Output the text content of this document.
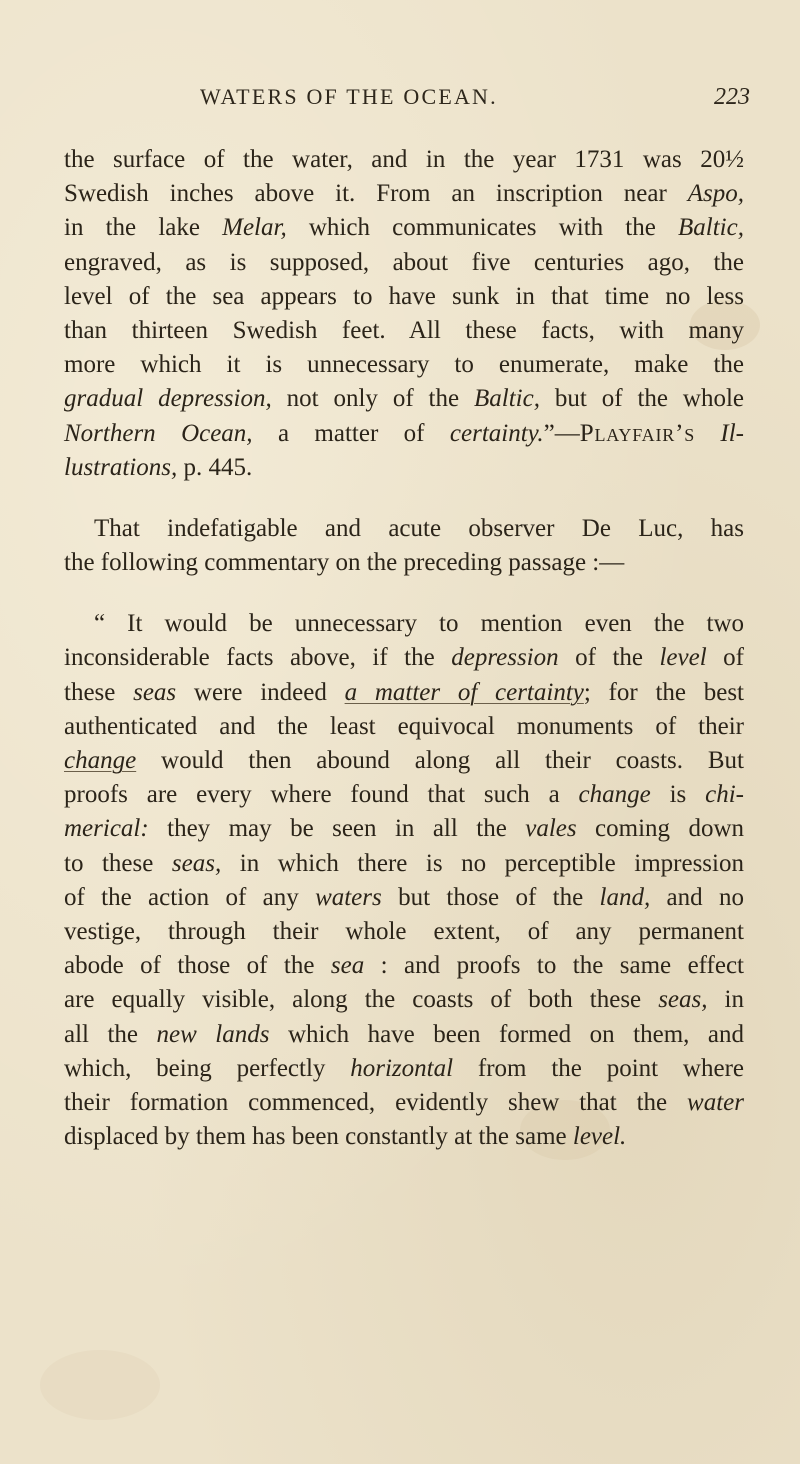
WATERS OF THE OCEAN.	223
the surface of the water, and in the year 1731 was 20½
Swedish inches above it. From an inscription near Aspo,
in the lake Melar, which communicates with the Baltic,
engraved, as is supposed, about five centuries ago, the
level of the sea appears to have sunk in that time no less
than thirteen Swedish feet. All these facts, with many
more which it is unnecessary to enumerate, make the
gradual depression, not only of the Baltic, but of the whole
Northern Ocean, a matter of certainty.”—Playfair’s Il-
lustrations, p. 445.
That indefatigable and acute observer De Luc, has
the following commentary on the preceding passage :—
“ It would be unnecessary to mention even the two
inconsiderable facts above, if the depression of the level of
these seas were indeed a matter of certainty; for the best
authenticated and the least equivocal monuments of their
change would then abound along all their coasts. But
proofs are every where found that such a change is chi-
merical: they may be seen in all the vales coming down
to these seas, in which there is no perceptible impression
of the action of any waters but those of the land, and no
vestige, through their whole extent, of any permanent
abode of those of the sea : and proofs to the same effect
are equally visible, along the coasts of both these seas, in
all the new lands which have been formed on them, and
which, being perfectly horizontal from the point where
their formation commenced, evidently shew that the water
displaced by them has been constantly at the same level.
